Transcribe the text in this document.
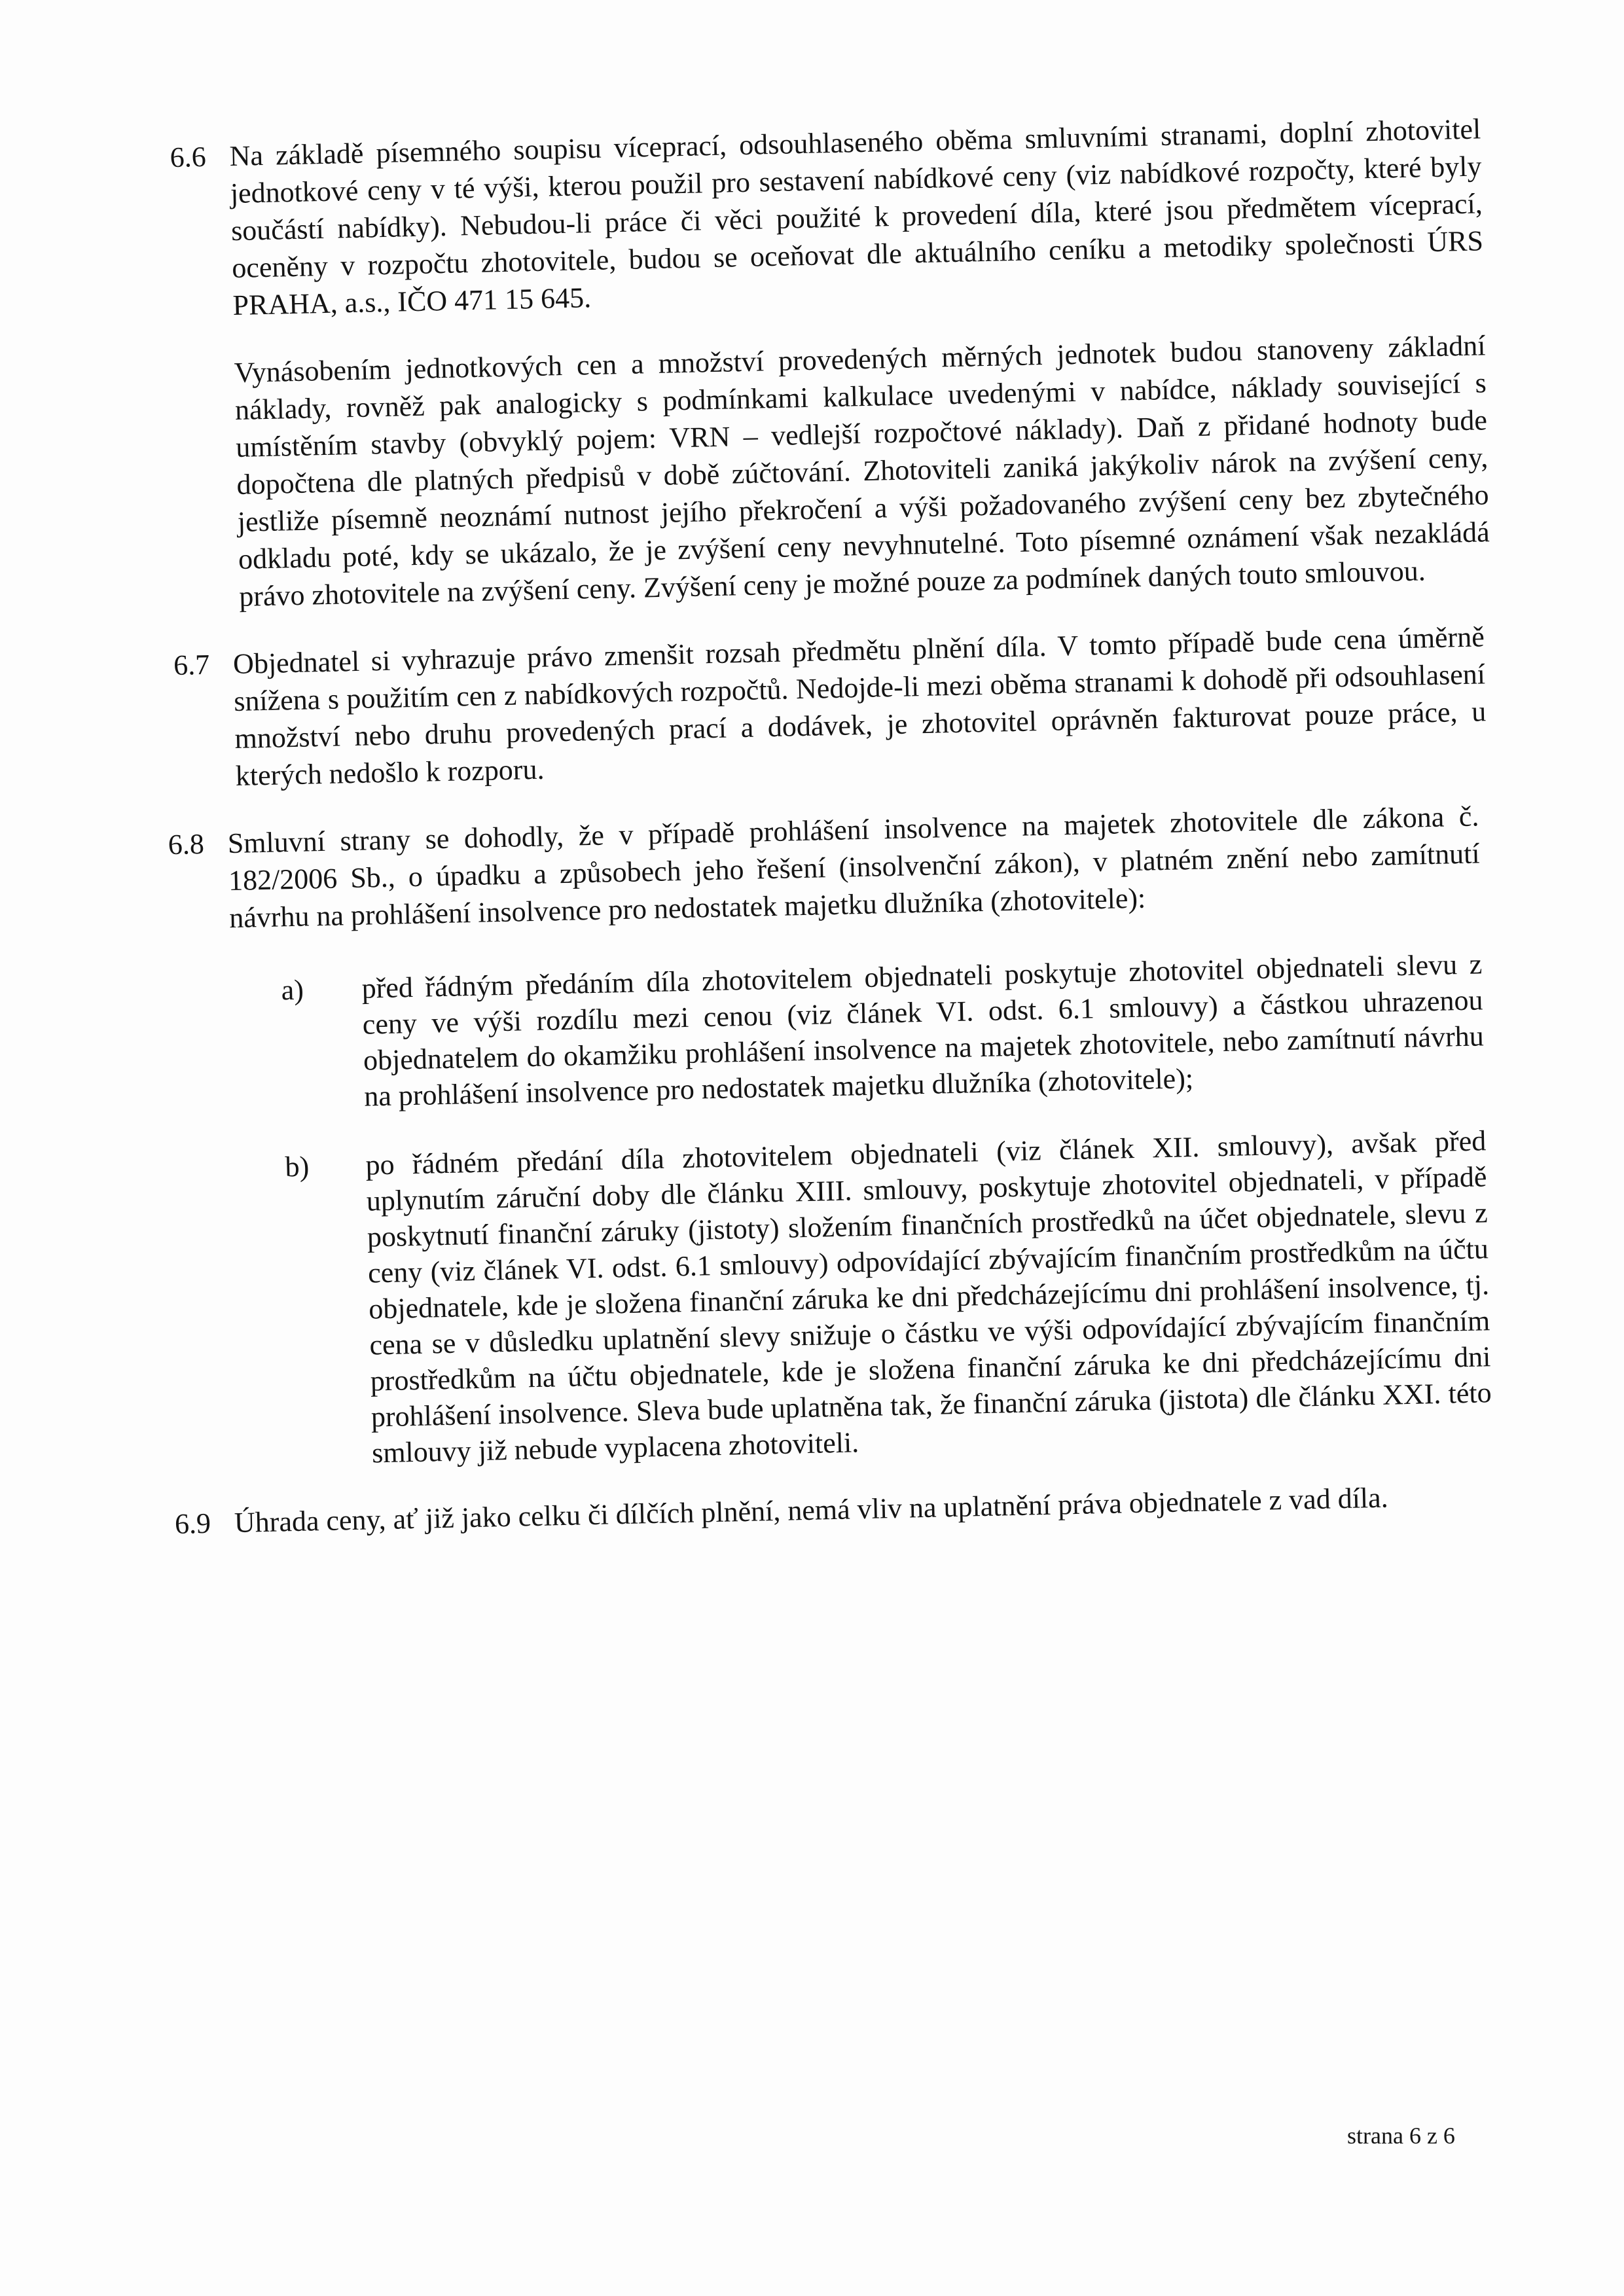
6.6 Na základě písemného soupisu víceprací, odsouhlaseného oběma smluvními stranami, doplní zhotovitel jednotkové ceny v té výši, kterou použil pro sestavení nabídkové ceny (viz nabídkové rozpočty, které byly součástí nabídky). Nebudou-li práce či věci použité k provedení díla, které jsou předmětem víceprací, oceněny v rozpočtu zhotovitele, budou se oceňovat dle aktuálního ceníku a metodiky společnosti ÚRS PRAHA, a.s., IČO 471 15 645.

Vynásobením jednotkových cen a množství provedených měrných jednotek budou stanoveny základní náklady, rovněž pak analogicky s podmínkami kalkulace uvedenými v nabídce, náklady související s umístěním stavby (obvyklý pojem: VRN – vedlejší rozpočtové náklady). Daň z přidané hodnoty bude dopočtena dle platných předpisů v době zúčtování. Zhotoviteli zaniká jakýkoliv nárok na zvýšení ceny, jestliže písemně neoznámí nutnost jejího překročení a výši požadovaného zvýšení ceny bez zbytečného odkladu poté, kdy se ukázalo, že je zvýšení ceny nevyhnutelné. Toto písemné oznámení však nezakládá právo zhotovitele na zvýšení ceny. Zvýšení ceny je možné pouze za podmínek daných touto smlouvou.

6.7 Objednatel si vyhrazuje právo zmenšit rozsah předmětu plnění díla. V tomto případě bude cena úměrně snížena s použitím cen z nabídkových rozpočtů. Nedojde-li mezi oběma stranami k dohodě při odsouhlasení množství nebo druhu provedených prací a dodávek, je zhotovitel oprávněn fakturovat pouze práce, u kterých nedošlo k rozporu.

6.8 Smluvní strany se dohodly, že v případě prohlášení insolvence na majetek zhotovitele dle zákona č. 182/2006 Sb., o úpadku a způsobech jeho řešení (insolvenční zákon), v platném znění nebo zamítnutí návrhu na prohlášení insolvence pro nedostatek majetku dlužníka (zhotovitele):

a)	před řádným předáním díla zhotovitelem objednateli poskytuje zhotovitel objednateli slevu z ceny ve výši rozdílu mezi cenou (viz článek VI. odst. 6.1 smlouvy) a částkou uhrazenou objednatelem do okamžiku prohlášení insolvence na majetek zhotovitele, nebo zamítnutí návrhu na prohlášení insolvence pro nedostatek majetku dlužníka (zhotovitele);

b)	po řádném předání díla zhotovitelem objednateli (viz článek XII. smlouvy), avšak před uplynutím záruční doby dle článku XIII. smlouvy, poskytuje zhotovitel objednateli, v případě poskytnutí finanční záruky (jistoty) složením finančních prostředků na účet objednatele, slevu z ceny (viz článek VI. odst. 6.1 smlouvy) odpovídající zbývajícím finančním prostředkům na účtu objednatele, kde je složena finanční záruka ke dni předcházejícímu dni prohlášení insolvence, tj. cena se v důsledku uplatnění slevy snižuje o částku ve výši odpovídající zbývajícím finančním prostředkům na účtu objednatele, kde je složena finanční záruka ke dni předcházejícímu dni prohlášení insolvence. Sleva bude uplatněna tak, že finanční záruka (jistota) dle článku XXI. této smlouvy již nebude vyplacena zhotoviteli.

6.9 Úhrada ceny, ať již jako celku či dílčích plnění, nemá vliv na uplatnění práva objednatele z vad díla.

strana 6 z 6
